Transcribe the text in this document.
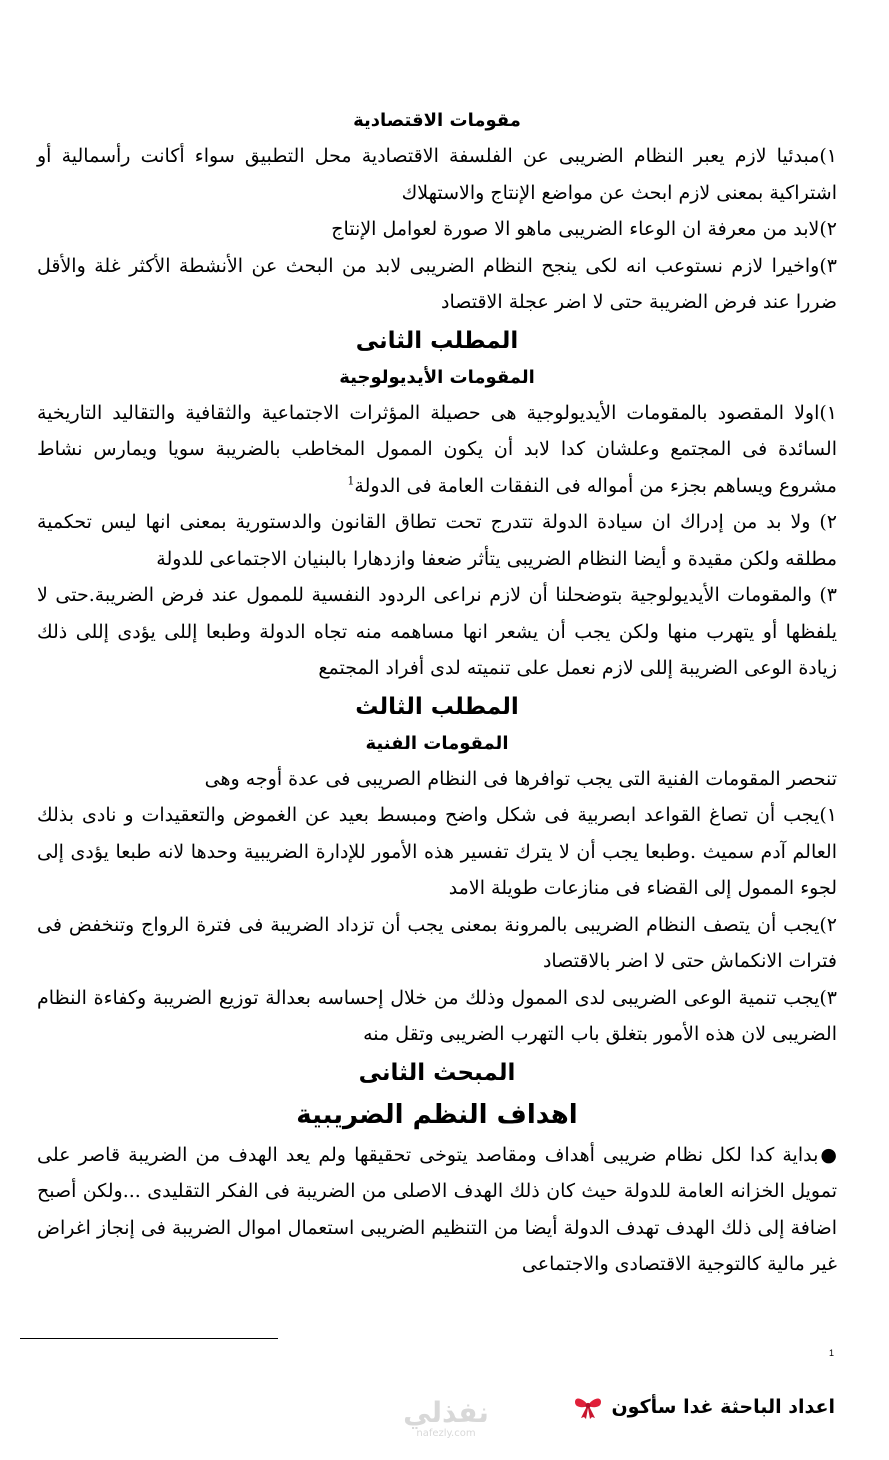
مقومات الاقتصادية

١)مبدئيا لازم يعبر النظام الضريبى عن الفلسفة الاقتصادية محل التطبيق سواء أكانت رأسمالية أو اشتراكية بمعنى لازم ابحث عن مواضع الإنتاج والاستهلاك

٢)لابد من معرفة ان الوعاء الضريبى ماهو الا صورة لعوامل الإنتاج

٣)واخيرا لازم نستوعب انه لكى ينجح النظام الضريبى لابد من البحث عن الأنشطة الأكثر غلة والأقل ضررا عند فرض الضريبة حتى لا اضر عجلة الاقتصاد

المطلب الثانى

المقومات الأيديولوجية

١)اولا المقصود بالمقومات الأيديولوجية هى حصيلة المؤثرات الاجتماعية والثقافية والتقاليد التاريخية السائدة فى المجتمع وعلشان كدا لابد أن يكون الممول المخاطب بالضريبة سويا ويمارس نشاط مشروع ويساهم بجزء من أمواله فى النفقات العامة فى الدولة$^1$

٢) ولا بد من إدراك ان سيادة الدولة تتدرج تحت تطاق القانون والدستورية بمعنى انها ليس تحكمية مطلقه ولكن مقيدة و أيضا النظام الضريبى يتأثر ضعفا وازدهارا بالبنيان الاجتماعى للدولة

٣) والمقومات الأيديولوجية بتوضحلنا أن لازم نراعى الردود النفسية للممول عند فرض الضريبة.حتى لا يلفظها أو يتهرب منها ولكن يجب أن يشعر انها مساهمه منه تجاه الدولة وطبعا إللى يؤدى إللى ذلك زيادة الوعى الضريبة إللى لازم نعمل على تنميته لدى أفراد المجتمع

المطلب الثالث

المقومات الفنية

تنحصر المقومات الفنية التى يجب توافرها فى النظام الصريبى فى عدة أوجه وهى

١)يجب أن تصاغ القواعد ابصربية فى شكل واضح ومبسط بعيد عن الغموض والتعقيدات و نادى بذلك العالم آدم سميث .وطبعا يجب أن لا يترك تفسير هذه الأمور للإدارة الضريبية وحدها لانه طبعا يؤدى إلى لجوء الممول إلى القضاء فى منازعات طويلة الامد

٢)يجب أن يتصف النظام الضريبى بالمرونة بمعنى يجب أن تزداد الضريبة فى فترة الرواج وتنخفض فى فترات الانكماش حتى لا اضر بالاقتصاد

٣)يجب تنمية الوعى الضريبى لدى الممول وذلك من خلال إحساسه بعدالة توزيع الضريبة وكفاءة النظام الضريبى لان هذه الأمور بتغلق باب التهرب الضريبى وتقل منه

المبحث الثانى

اهداف النظم الضريبية

●بداية كدا لكل نظام ضريبى أهداف ومقاصد يتوخى تحقيقها ولم يعد الهدف من الضريبة قاصر على تمويل الخزانه العامة للدولة حيث كان ذلك الهدف الاصلى من الضريبة فى الفكر التقليدى ...ولكن أصبح اضافة إلى ذلك الهدف تهدف الدولة أيضا من التنظيم الضريبى استعمال اموال الضريبة فى إنجاز اغراض غير مالية كالتوجية الاقتصادى والاجتماعى

1
نفذلي
nafezly.com
اعداد الباحثة غدا سأكون
